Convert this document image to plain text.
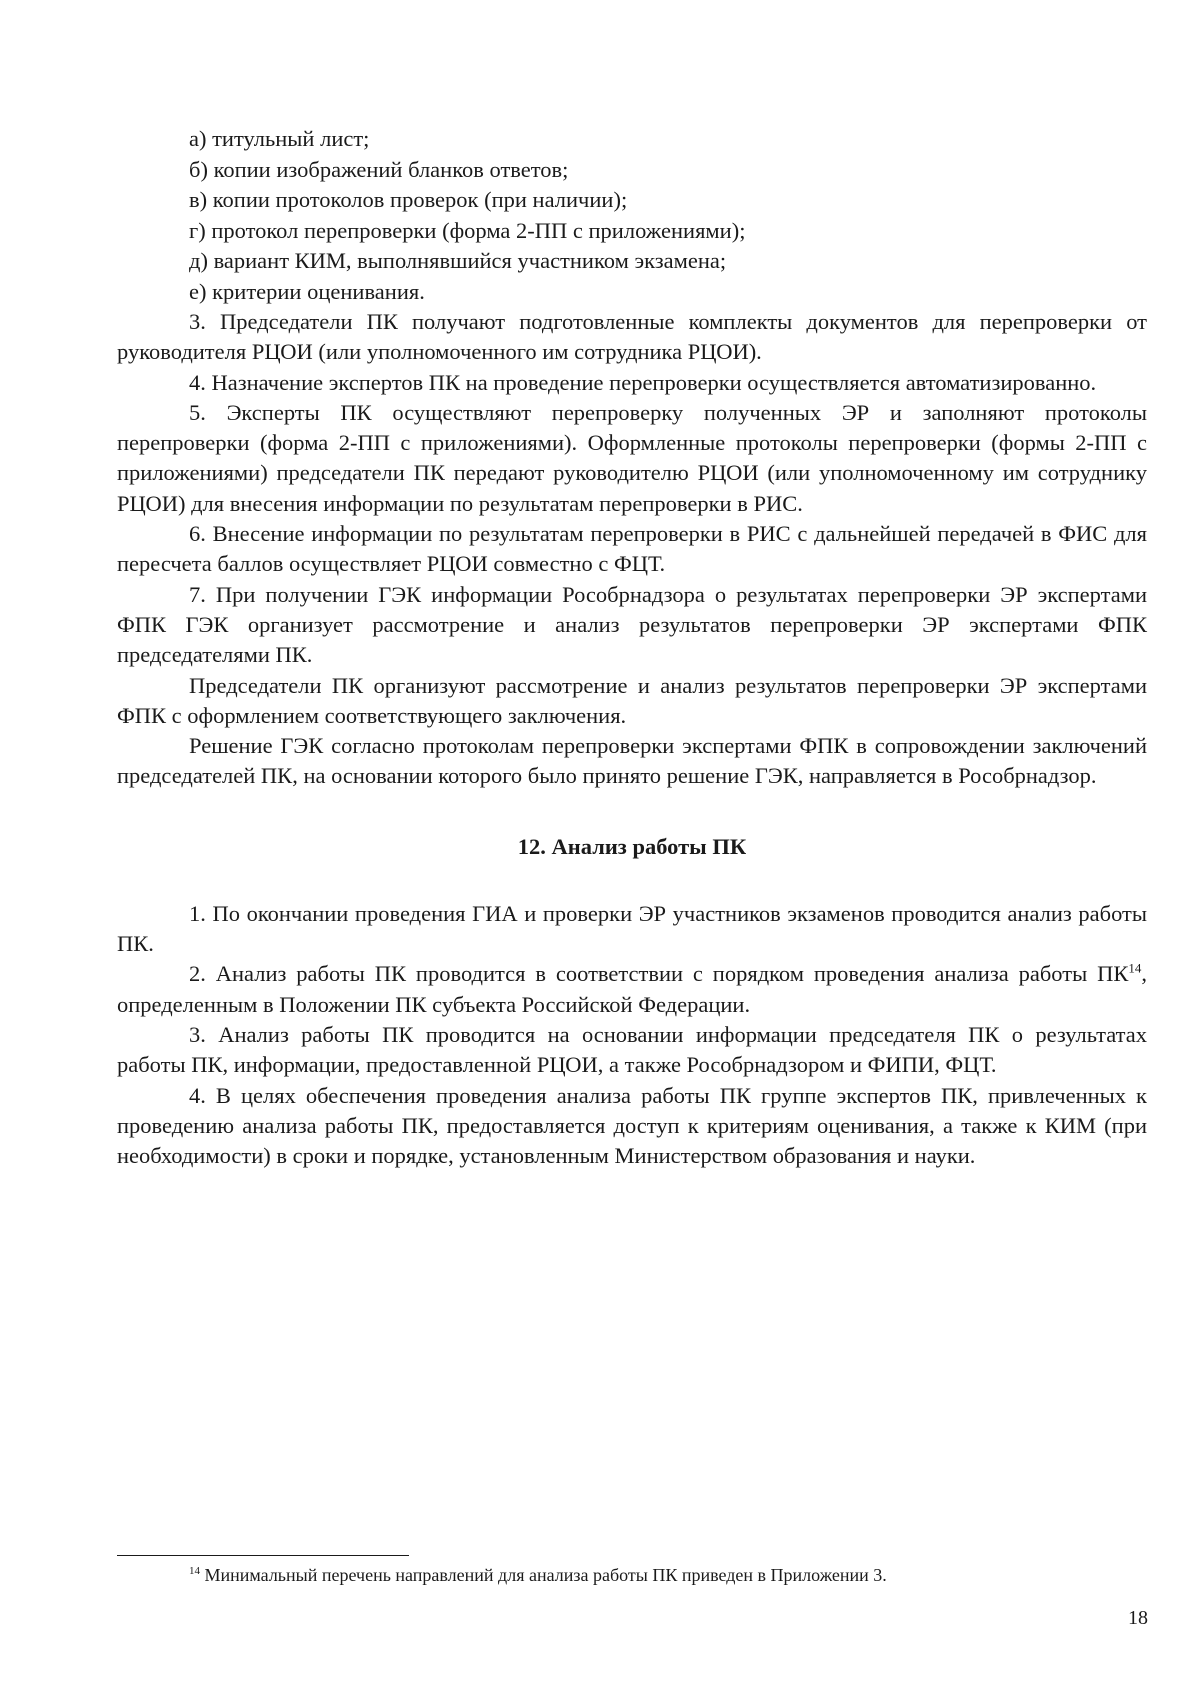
а) титульный лист;

б) копии изображений бланков ответов;

в) копии протоколов проверок (при наличии);

г) протокол перепроверки (форма 2-ПП с приложениями);

д) вариант КИМ, выполнявшийся участником экзамена;

е) критерии оценивания.

3. Председатели ПК получают подготовленные комплекты документов для перепроверки от руководителя РЦОИ (или уполномоченного им сотрудника РЦОИ).

4. Назначение экспертов ПК на проведение перепроверки осуществляется автоматизированно.

5. Эксперты ПК осуществляют перепроверку полученных ЭР и заполняют протоколы перепроверки (форма 2-ПП с приложениями). Оформленные протоколы перепроверки (формы 2-ПП с приложениями) председатели ПК передают руководителю РЦОИ (или уполномоченному им сотруднику РЦОИ) для внесения информации по результатам перепроверки в РИС.

6. Внесение информации по результатам перепроверки в РИС с дальнейшей передачей в ФИС для пересчета баллов осуществляет РЦОИ совместно с ФЦТ.

7. При получении ГЭК информации Рособрнадзора о результатах перепроверки ЭР экспертами ФПК ГЭК организует рассмотрение и анализ результатов перепроверки ЭР экспертами ФПК председателями ПК.

Председатели ПК организуют рассмотрение и анализ результатов перепроверки ЭР экспертами ФПК с оформлением соответствующего заключения.

Решение ГЭК согласно протоколам перепроверки экспертами ФПК в сопровождении заключений председателей ПК, на основании которого было принято решение ГЭК, направляется в Рособрнадзор.

12. Анализ работы ПК

1. По окончании проведения ГИА и проверки ЭР участников экзаменов проводится анализ работы ПК.

2. Анализ работы ПК проводится в соответствии с порядком проведения анализа работы ПК$^{14}$, определенным в Положении ПК субъекта Российской Федерации.

3. Анализ работы ПК проводится на основании информации председателя ПК о результатах работы ПК, информации, предоставленной РЦОИ, а также Рособрнадзором и ФИПИ, ФЦТ.

4. В целях обеспечения проведения анализа работы ПК группе экспертов ПК, привлеченных к проведению анализа работы ПК, предоставляется доступ к критериям оценивания, а также к КИМ (при необходимости) в сроки и порядке, установленным Министерством образования и науки.

$^{14}$ Минимальный перечень направлений для анализа работы ПК приведен в Приложении 3.
18
